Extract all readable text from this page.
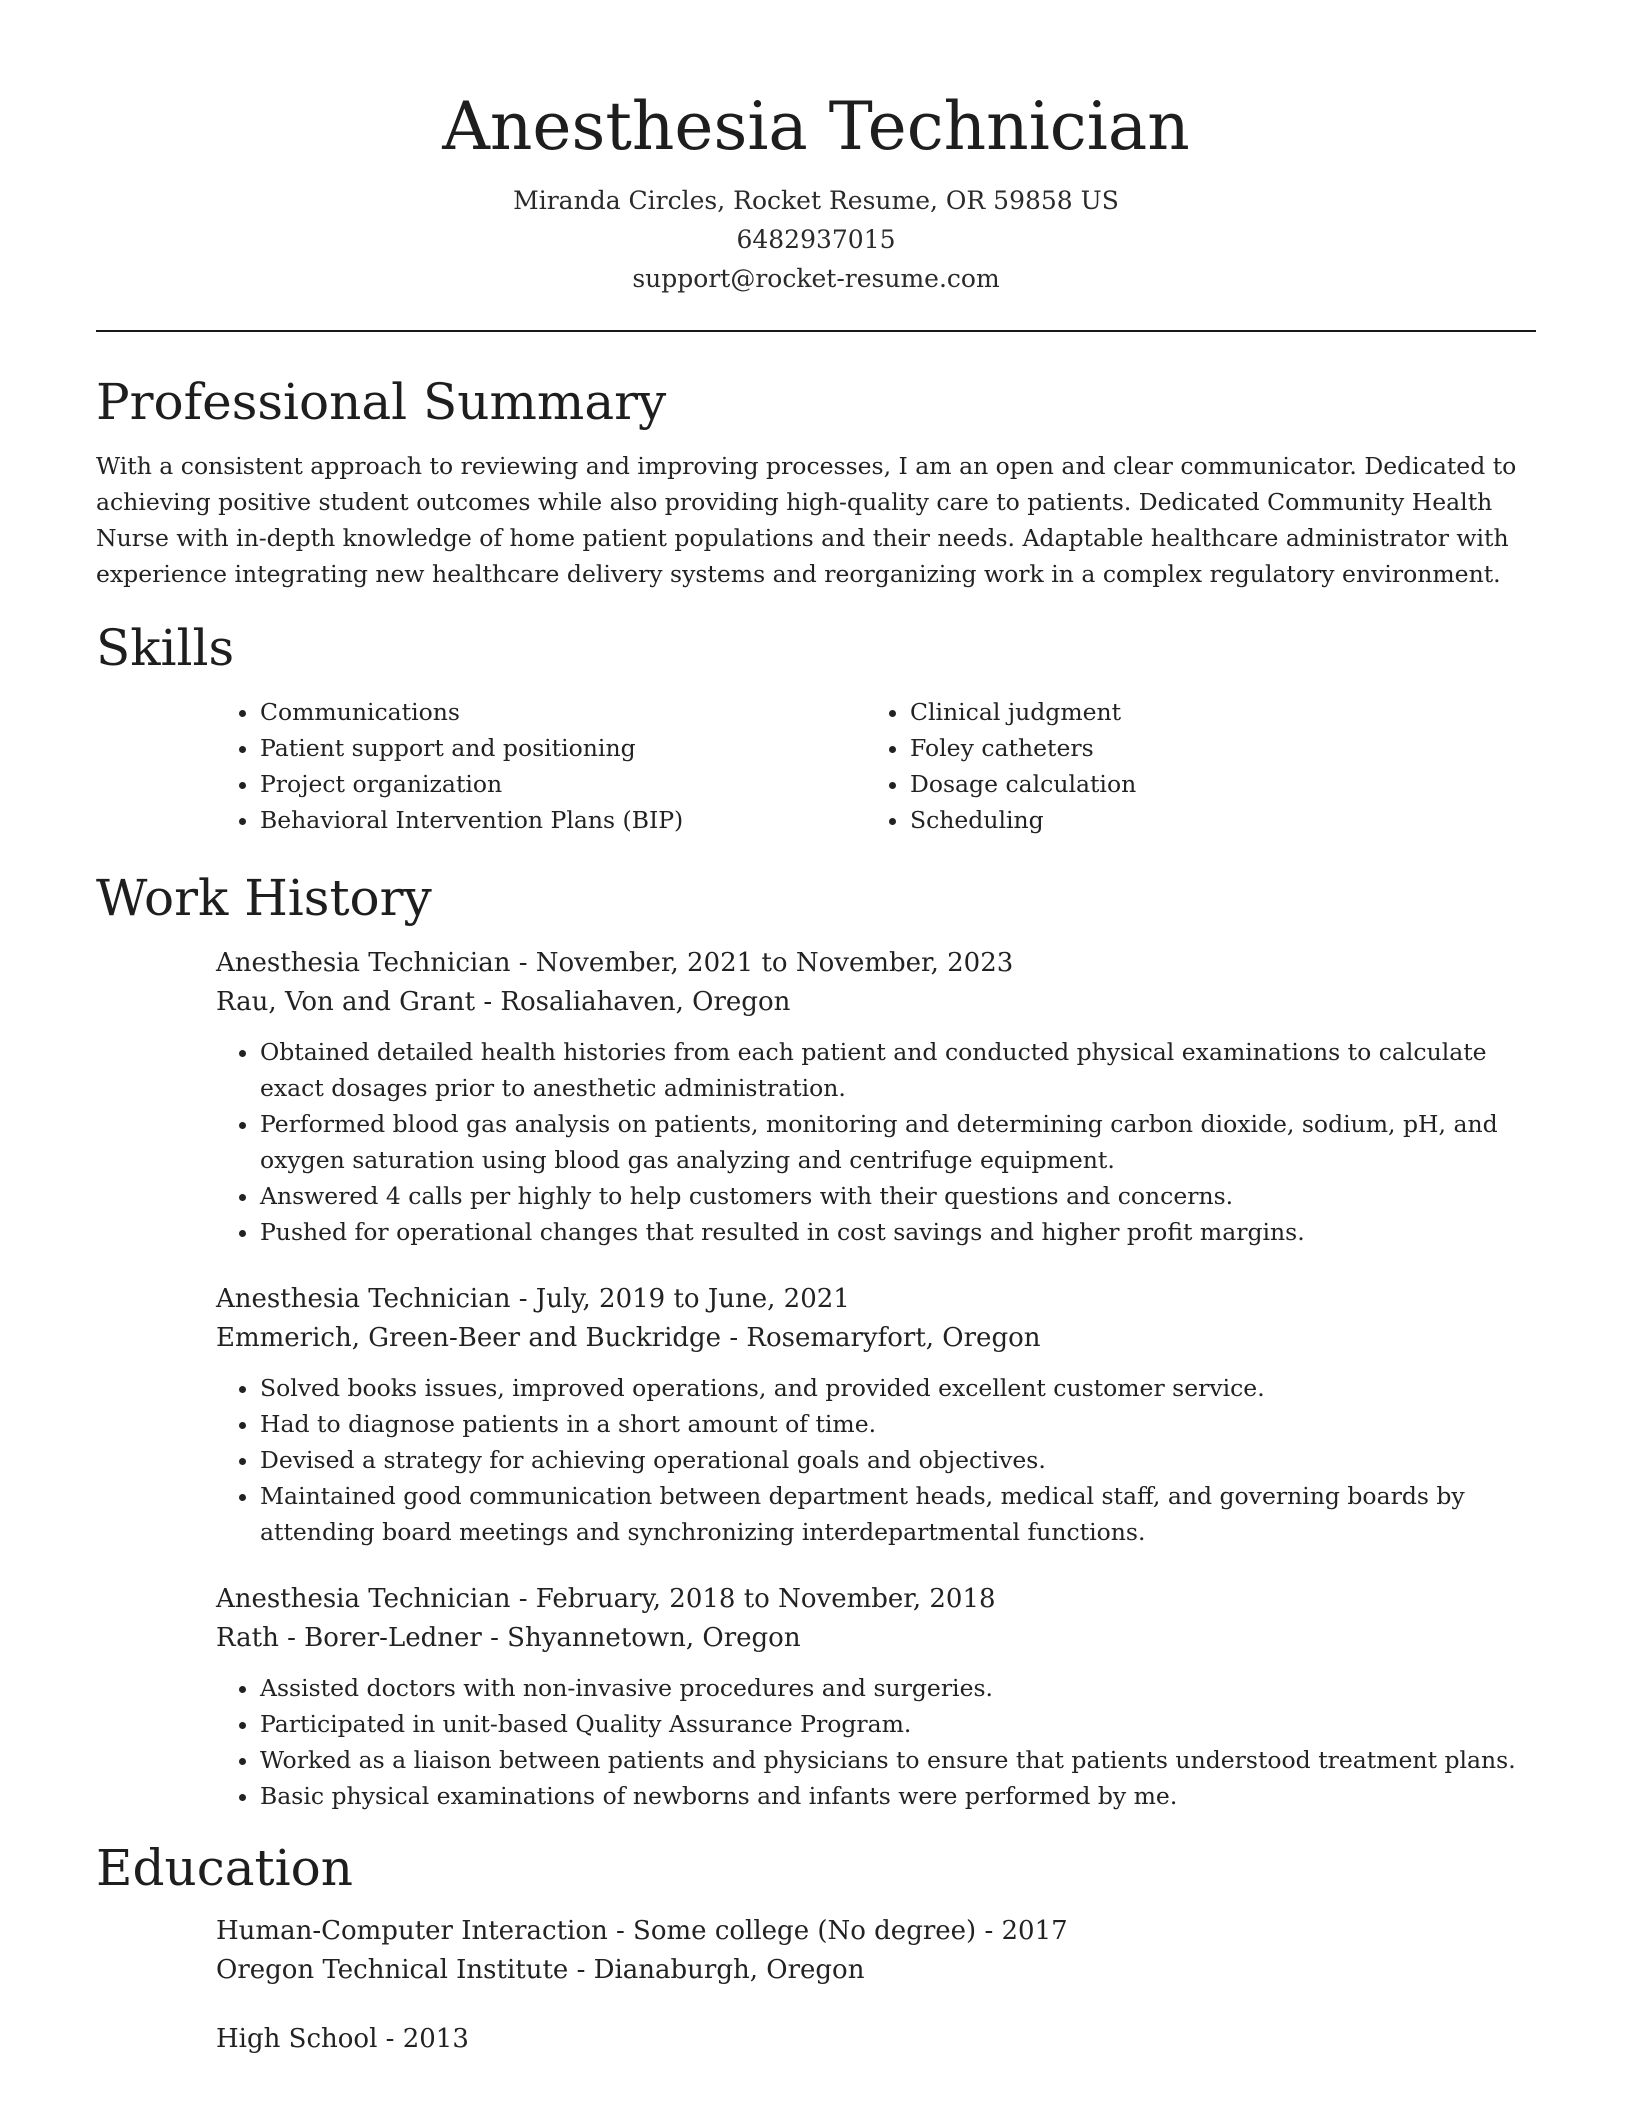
Anesthesia Technician

Miranda Circles, Rocket Resume, OR 59858 US

6482937015

support@rocket-resume.com

Professional Summary

With a consistent approach to reviewing and improving processes, I am an open and clear communicator. Dedicated to achieving positive student outcomes while also providing high-quality care to patients. Dedicated Community Health Nurse with in-depth knowledge of home patient populations and their needs. Adaptable healthcare administrator with experience integrating new healthcare delivery systems and reorganizing work in a complex regulatory environment.

Skills
• Communications
• Patient support and positioning
• Project organization
• Behavioral Intervention Plans (BIP)
• Clinical judgment
• Foley catheters
• Dosage calculation
• Scheduling
Work History

Anesthesia Technician - November, 2021 to November, 2023

Rau, Von and Grant - Rosaliahaven, Oregon

• Obtained detailed health histories from each patient and conducted physical examinations to calculate exact dosages prior to anesthetic administration.
• Performed blood gas analysis on patients, monitoring and determining carbon dioxide, sodium, pH, and oxygen saturation using blood gas analyzing and centrifuge equipment.
• Answered 4 calls per highly to help customers with their questions and concerns.
• Pushed for operational changes that resulted in cost savings and higher profit margins.

Anesthesia Technician - July, 2019 to June, 2021

Emmerich, Green-Beer and Buckridge - Rosemaryfort, Oregon

• Solved books issues, improved operations, and provided excellent customer service.
• Had to diagnose patients in a short amount of time.
• Devised a strategy for achieving operational goals and objectives.
• Maintained good communication between department heads, medical staff, and governing boards by attending board meetings and synchronizing interdepartmental functions.

Anesthesia Technician - February, 2018 to November, 2018

Rath - Borer-Ledner - Shyannetown, Oregon

• Assisted doctors with non-invasive procedures and surgeries.
• Participated in unit-based Quality Assurance Program.
• Worked as a liaison between patients and physicians to ensure that patients understood treatment plans.
• Basic physical examinations of newborns and infants were performed by me.
Education

Human-Computer Interaction - Some college (No degree) - 2017

Oregon Technical Institute - Dianaburgh, Oregon

High School - 2013
